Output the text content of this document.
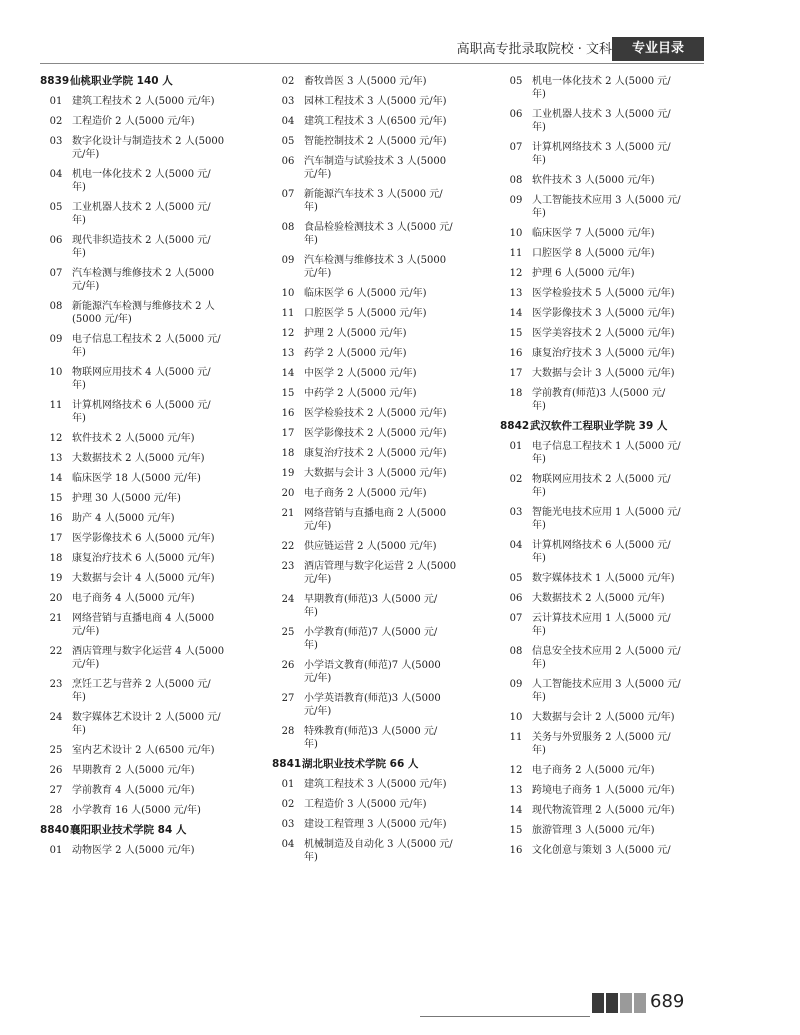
高职高专批录取院校 · 文科	专业目录
8839 仙桃职业学院 140 人
01 建筑工程技术 2 人(5000 元/年)
02 工程造价 2 人(5000 元/年)
03 数字化设计与制造技术 2 人(5000
元/年)
04 机电一体化技术 2 人(5000 元/
年)
05 工业机器人技术 2 人(5000 元/
年)
06 现代非织造技术 2 人(5000 元/
年)
07 汽车检测与维修技术 2 人(5000
元/年)
08 新能源汽车检测与维修技术 2 人
(5000 元/年)
09 电子信息工程技术 2 人(5000 元/
年)
10 物联网应用技术 4 人(5000 元/
年)
11 计算机网络技术 6 人(5000 元/
年)
12 软件技术 2 人(5000 元/年)
13 大数据技术 2 人(5000 元/年)
14 临床医学 18 人(5000 元/年)
15 护理 30 人(5000 元/年)
16 助产 4 人(5000 元/年)
17 医学影像技术 6 人(5000 元/年)
18 康复治疗技术 6 人(5000 元/年)
19 大数据与会计 4 人(5000 元/年)
20 电子商务 4 人(5000 元/年)
21 网络营销与直播电商 4 人(5000
元/年)
22 酒店管理与数字化运营 4 人(5000
元/年)
23 烹饪工艺与营养 2 人(5000 元/
年)
24 数字媒体艺术设计 2 人(5000 元/
年)
25 室内艺术设计 2 人(6500 元/年)
26 早期教育 2 人(5000 元/年)
27 学前教育 4 人(5000 元/年)
28 小学教育 16 人(5000 元/年)
8840 襄阳职业技术学院 84 人
01 动物医学 2 人(5000 元/年)
02 畜牧兽医 3 人(5000 元/年)
03 园林工程技术 3 人(5000 元/年)
04 建筑工程技术 3 人(6500 元/年)
05 智能控制技术 2 人(5000 元/年)
06 汽车制造与试验技术 3 人(5000
元/年)
07 新能源汽车技术 3 人(5000 元/
年)
08 食品检验检测技术 3 人(5000 元/
年)
09 汽车检测与维修技术 3 人(5000
元/年)
10 临床医学 6 人(5000 元/年)
11 口腔医学 5 人(5000 元/年)
12 护理 2 人(5000 元/年)
13 药学 2 人(5000 元/年)
14 中医学 2 人(5000 元/年)
15 中药学 2 人(5000 元/年)
16 医学检验技术 2 人(5000 元/年)
17 医学影像技术 2 人(5000 元/年)
18 康复治疗技术 2 人(5000 元/年)
19 大数据与会计 3 人(5000 元/年)
20 电子商务 2 人(5000 元/年)
21 网络营销与直播电商 2 人(5000
元/年)
22 供应链运营 2 人(5000 元/年)
23 酒店管理与数字化运营 2 人(5000
元/年)
24 早期教育(师范)3 人(5000 元/
年)
25 小学教育(师范)7 人(5000 元/
年)
26 小学语文教育(师范)7 人(5000
元/年)
27 小学英语教育(师范)3 人(5000
元/年)
28 特殊教育(师范)3 人(5000 元/
年)
8841 湖北职业技术学院 66 人
01 建筑工程技术 3 人(5000 元/年)
02 工程造价 3 人(5000 元/年)
03 建设工程管理 3 人(5000 元/年)
04 机械制造及自动化 3 人(5000 元/
年)
05 机电一体化技术 2 人(5000 元/
年)
06 工业机器人技术 3 人(5000 元/
年)
07 计算机网络技术 3 人(5000 元/
年)
08 软件技术 3 人(5000 元/年)
09 人工智能技术应用 3 人(5000 元/
年)
10 临床医学 7 人(5000 元/年)
11 口腔医学 8 人(5000 元/年)
12 护理 6 人(5000 元/年)
13 医学检验技术 5 人(5000 元/年)
14 医学影像技术 3 人(5000 元/年)
15 医学美容技术 2 人(5000 元/年)
16 康复治疗技术 3 人(5000 元/年)
17 大数据与会计 3 人(5000 元/年)
18 学前教育(师范)3 人(5000 元/
年)
8842 武汉软件工程职业学院 39 人
01 电子信息工程技术 1 人(5000 元/
年)
02 物联网应用技术 2 人(5000 元/
年)
03 智能光电技术应用 1 人(5000 元/
年)
04 计算机网络技术 6 人(5000 元/
年)
05 数字媒体技术 1 人(5000 元/年)
06 大数据技术 2 人(5000 元/年)
07 云计算技术应用 1 人(5000 元/
年)
08 信息安全技术应用 2 人(5000 元/
年)
09 人工智能技术应用 3 人(5000 元/
年)
10 大数据与会计 2 人(5000 元/年)
11 关务与外贸服务 2 人(5000 元/
年)
12 电子商务 2 人(5000 元/年)
13 跨境电子商务 1 人(5000 元/年)
14 现代物流管理 2 人(5000 元/年)
15 旅游管理 3 人(5000 元/年)
16 文化创意与策划 3 人(5000 元/
689
